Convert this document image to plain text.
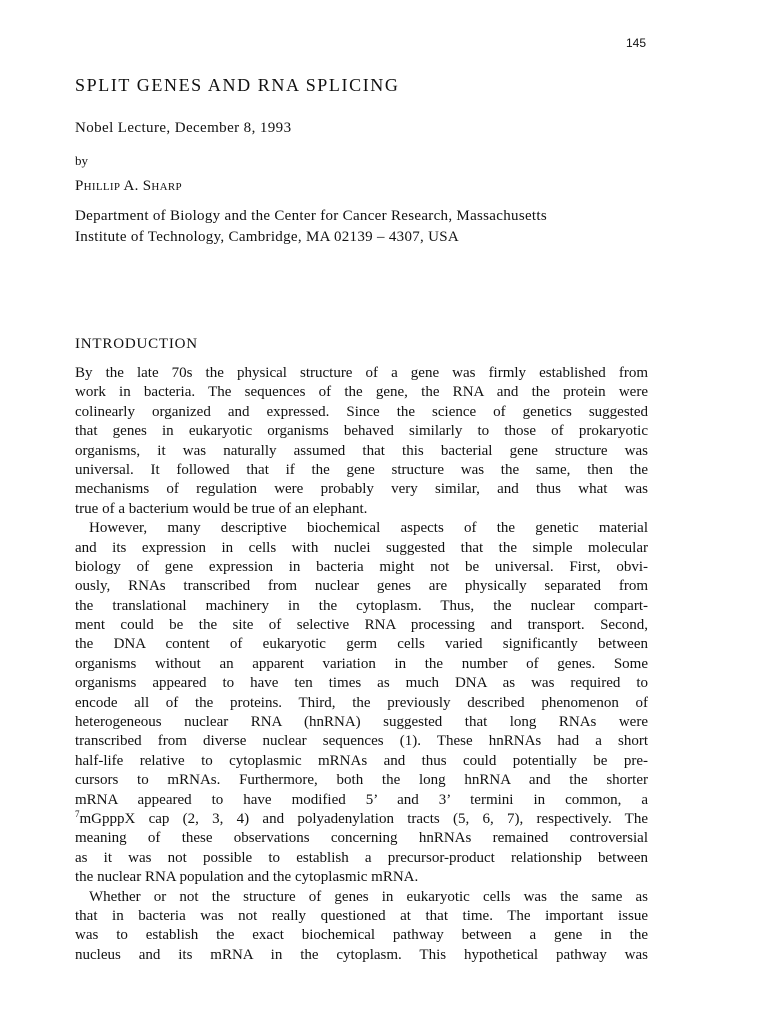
145
SPLIT GENES AND RNA SPLICING
Nobel Lecture, December 8, 1993
by
Phillip A. Sharp
Department of Biology and the Center for Cancer Research, Massachusetts
Institute of Technology, Cambridge, MA 02139 – 4307, USA
INTRODUCTION
By the late 70s the physical structure of a gene was firmly established from
work in bacteria. The sequences of the gene, the RNA and the protein were
colinearly organized and expressed. Since the science of genetics suggested
that genes in eukaryotic organisms behaved similarly to those of prokaryotic
organisms, it was naturally assumed that this bacterial gene structure was
universal. It followed that if the gene structure was the same, then the
mechanisms of regulation were probably very similar, and thus what was
true of a bacterium would be true of an elephant.
However, many descriptive biochemical aspects of the genetic material
and its expression in cells with nuclei suggested that the simple molecular
biology of gene expression in bacteria might not be universal. First, obvi-
ously, RNAs transcribed from nuclear genes are physically separated from
the translational machinery in the cytoplasm. Thus, the nuclear compart-
ment could be the site of selective RNA processing and transport. Second,
the DNA content of eukaryotic germ cells varied significantly between
organisms without an apparent variation in the number of genes. Some
organisms appeared to have ten times as much DNA as was required to
encode all of the proteins. Third, the previously described phenomenon of
heterogeneous nuclear RNA (hnRNA) suggested that long RNAs were
transcribed from diverse nuclear sequences (1). These hnRNAs had a short
half-life relative to cytoplasmic mRNAs and thus could potentially be pre-
cursors to mRNAs. Furthermore, both the long hnRNA and the shorter
mRNA appeared to have modified 5’ and 3’ termini in common, a
$^7$mGpppX cap (2, 3, 4) and polyadenylation tracts (5, 6, 7), respectively. The
meaning of these observations concerning hnRNAs remained controversial
as it was not possible to establish a precursor-product relationship between
the nuclear RNA population and the cytoplasmic mRNA.
Whether or not the structure of genes in eukaryotic cells was the same as
that in bacteria was not really questioned at that time. The important issue
was to establish the exact biochemical pathway between a gene in the
nucleus and its mRNA in the cytoplasm. This hypothetical pathway was
